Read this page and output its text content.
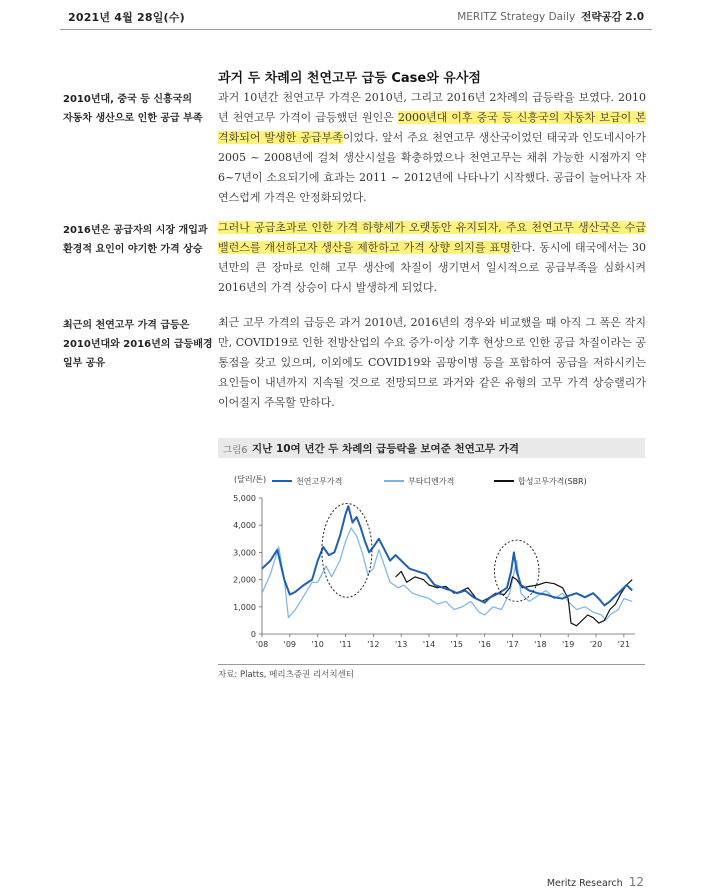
2021년 4월 28일(수)	MERITZ Strategy Daily 전략공감 2.0
과거 두 차례의 천연고무 급등 Case와 유사점
2010년대, 중국 등 신흥국의
자동차 생산으로 인한 공급 부족
과거 10년간 천연고무 가격은 2010년, 그리고 2016년 2차례의 급등락을 보였다. 2010년 천연고무 가격이 급등했던 원인은 2000년대 이후 중국 등 신흥국의 자동차 보급이 본격화되어 발생한 공급부족이었다. 앞서 주요 천연고무 생산국이었던 태국과 인도네시아가 2005 ~ 2008년에 걸쳐 생산시설을 확충하였으나 천연고무는 채취 가능한 시점까지 약 6~7년이 소요되기에 효과는 2011 ~ 2012년에 나타나기 시작했다. 공급이 늘어나자 자연스럽게 가격은 안정화되었다.
2016년은 공급자의 시장 개입과
환경적 요인이 야기한 가격 상승
그러나 공급초과로 인한 가격 하향세가 오랫동안 유지되자, 주요 천연고무 생산국은 수급 밸런스를 개선하고자 생산을 제한하고 가격 상향 의지를 표명한다. 동시에 태국에서는 30년만의 큰 장마로 인해 고무 생산에 차질이 생기면서 일시적으로 공급부족을 심화시켜 2016년의 가격 상승이 다시 발생하게 되었다.
최근의 천연고무 가격 급등은
2010년대와 2016년의 급등배경
일부 공유
최근 고무 가격의 급등은 과거 2010년, 2016년의 경우와 비교했을 때 아직 그 폭은 작지만, COVID19로 인한 전방산업의 수요 증가·이상 기후 현상으로 인한 공급 차질이라는 공통점을 갖고 있으며, 이외에도 COVID19와 곰팡이병 등을 포함하여 공급을 저하시키는 요인들이 내년까지 지속될 것으로 전망되므로 과거와 같은 유형의 고무 가격 상승랠리가 이어질지 주목할 만하다.
그림6 지난 10여 년간 두 차례의 급등락을 보여준 천연고무 가격
(달러/톤)	천연고무가격	부타디엔가격	합성고무가격(SBR)
0
1,000
2,000
3,000
4,000
5,000
'08 '09 '10 '11 '12 '13 '14 '15 '16 '17 '18 '19 '20 '21
자료: Platts, 메리츠증권 리서치센터
Meritz Research 12
